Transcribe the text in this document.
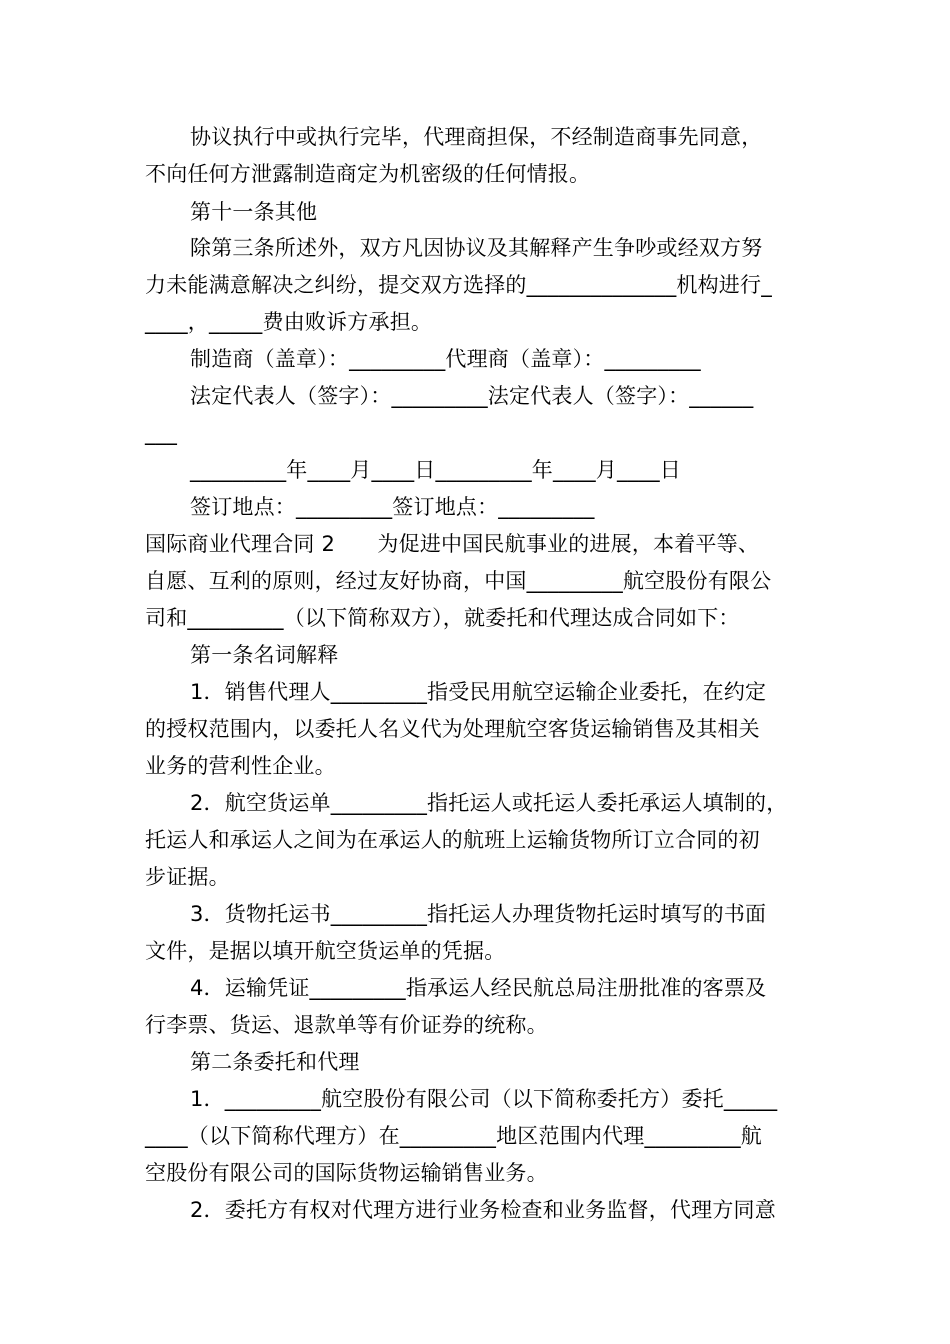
协议执行中或执行完毕，代理商担保，不经制造商事先同意，
不向任何方泄露制造商定为机密级的任何情报。
第十一条其他
除第三条所述外，双方凡因协议及其解释产生争吵或经双方努
力未能满意解决之纠纷，提交双方选择的______________机构进行_
____，_____费由败诉方承担。
制造商（盖章）：_________代理商（盖章）：_________
法定代表人（签字）：_________法定代表人（签字）：______
___
_________年____月____日_________年____月____日
签订地点：_________签订地点：_________
国际商业代理合同 2　　为促进中国民航事业的进展，本着平等、
自愿、互利的原则，经过友好协商，中国_________航空股份有限公
司和_________（以下简称双方），就委托和代理达成合同如下：
第一条名词解释
1．销售代理人_________指受民用航空运输企业委托，在约定
的授权范围内，以委托人名义代为处理航空客货运输销售及其相关
业务的营利性企业。
2．航空货运单_________指托运人或托运人委托承运人填制的，
托运人和承运人之间为在承运人的航班上运输货物所订立合同的初
步证据。
3．货物托运书_________指托运人办理货物托运时填写的书面
文件，是据以填开航空货运单的凭据。
4．运输凭证_________指承运人经民航总局注册批准的客票及
行李票、货运、退款单等有价证券的统称。
第二条委托和代理
1．_________航空股份有限公司（以下简称委托方）委托_____
____（以下简称代理方）在_________地区范围内代理_________航
空股份有限公司的国际货物运输销售业务。
2．委托方有权对代理方进行业务检查和业务监督，代理方同意
